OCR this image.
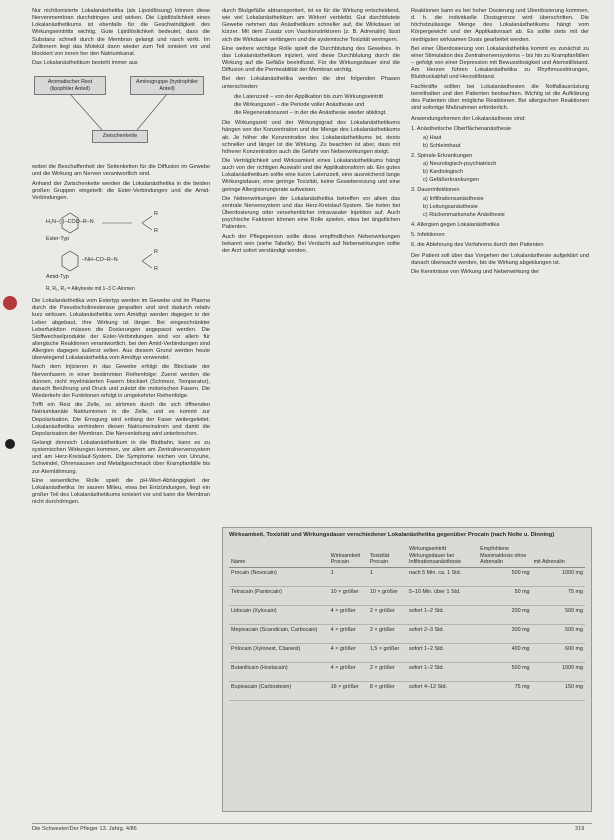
Nur nichtionisierte Lokalanästhetika (als Lipoidlösung) können diese Nervenmembran durchdringen und wirken. Die Lipidlöslichkeit eines Lokalanästhetikums ist ebenfalls für die Geschwindigkeit des Wirkungseintritts wichtig. Gute Lipidlöslichkeit bedeutet, dass die Substanz schnell durch die Membran gelangt und rasch wirkt. Im Zellinnern liegt das Molekül dann wieder zum Teil ionisiert vor und blockiert von innen her den Natriumkanal.

Das Lokalanästhetikum besteht immer aus

Aromatischer Rest (lipophiler Anteil)
Aminogruppe (hydrophiler Anteil)
Zwischenkette

wobei die Beschaffenheit der Seitenketten für die Diffusion im Gewebe und die Wirkung am Nerven verantwortlich sind.

Anhand der Zwischenkette werden die Lokalanästhetika in die beiden großen Gruppen eingeteilt: die Ester-Verbindungen und die Amid-Verbindungen.

H₂N–⟨ ⟩–COO–R–N
R
R
Ester-Typ
–NH–CO–R–N
R
R
Amid-Typ
R, R₁, R₂ = Alkylreste mit 1–3 C-Atomen

Die Lokalanästhetika vom Estertyp werden im Gewebe und im Plasma durch die Pseudocholinesterase gespalten und sind dadurch relativ kurz wirksam. Lokalanästhetika vom Amidtyp werden dagegen in der Leber abgebaut, ihre Wirkung ist länger. Bei eingeschränkter Leberfunktion müssen die Dosierungen angepasst werden. Die Stoffwechselprodukte der Ester-Verbindungen sind vor allem für allergische Reaktionen verantwortlich, bei den Amid-Verbindungen sind Allergien dagegen äußerst selten. Aus diesem Grund werden heute überwiegend Lokalanästhetika vom Amidtyp verwendet.

Nach dem Injizieren in das Gewebe erfolgt die Blockade der Nervenfasern in einer bestimmten Reihenfolge: Zuerst werden die dünnen, nicht myelinisierten Fasern blockiert (Schmerz, Temperatur), danach Berührung und Druck und zuletzt die motorischen Fasern. Die Wiederkehr der Funktionen erfolgt in umgekehrter Reihenfolge.

Trifft ein Reiz die Zelle, so strömen durch die sich öffnenden Natriumkanäle Natriumionen in die Zelle, und es kommt zur Depolarisation. Die Erregung wird entlang der Faser weitergeleitet. Lokalanästhetika verhindern diesen Natriumeinstrom und damit die Depolarisation der Membran. Die Nervenleitung wird unterbrochen.

Gelangt dennoch Lokalanästhetikum in die Blutbahn, kann es zu systemischen Wirkungen kommen, vor allem am Zentralnervensystem und am Herz-Kreislauf-System. Die Symptome reichen von Unruhe, Schwindel, Ohrensausen und Metallgeschmack über Krampfanfälle bis zur Atemlähmung.

Eine wesentliche Rolle spielt die pH-Wert-Abhängigkeit der Lokalanästhetika: Im sauren Milieu, etwa bei Entzündungen, liegt ein großer Teil des Lokalanästhetikums ionisiert vor und kann die Membran nicht durchdringen.

durch Blutgefäße abtransportiert, ist es für die Wirkung entscheidend, wie viel Lokalanästhetikum am Wirkort verbleibt. Gut durchblutete Gewebe nehmen das Anästhetikum schneller auf, die Wirkdauer ist kürzer. Mit dem Zusatz von Vasokonstriktoren (z. B. Adrenalin) lässt sich die Wirkdauer verlängern und die systemische Toxizität verringern.

Eine weitere wichtige Rolle spielt die Durchblutung des Gewebes. In das Lokalanästhetikum injiziert, wird diese Durchblutung durch die Wirkung auf die Gefäße beeinflusst. Für die Wirkungsdauer sind die Diffusion und die Permeabilität der Membran wichtig.

Bei den Lokalanästhetika werden die drei folgenden Phasen unterschieden:

die Latenzzeit – von der Applikation bis zum Wirkungseintritt
die Wirkungszeit – die Periode voller Anästhesie und
die Regenerationszeit – in der die Anästhesie wieder abklingt.

Die Wirkungszeit und der Wirkungsgrad des Lokalanästhetikums hängen von der Konzentration und der Menge des Lokalanästhetikums ab. Je höher die Konzentration des Lokalanästhetikums ist, desto schneller und länger ist die Wirkung. Zu beachten ist aber, dass mit höherer Konzentration auch die Gefahr von Nebenwirkungen steigt.

Die Verträglichkeit und Wirksamkeit eines Lokalanästhetikums hängt auch von der richtigen Auswahl und der Applikationsform ab. Ein gutes Lokalanästhetikum sollte eine kurze Latenzzeit, eine ausreichend lange Wirkungsdauer, eine geringe Toxizität, keine Gewebereizung und eine geringe Allergisierungsrate aufweisen.

Die Nebenwirkungen der Lokalanästhetika betreffen vor allem das zentrale Nervensystem und das Herz-Kreislauf-System. Sie treten bei Überdosierung oder versehentlicher intravasaler Injektion auf. Auch psychische Faktoren können eine Rolle spielen, etwa bei ängstlichen Patienten.

Auch der Pflegeperson sollte diese empfindlichen Nebenwirkungen bekannt sein (siehe Tabelle). Bei Verdacht auf Nebenwirkungen sollte der Arzt sofort verständigt werden.

Reaktionen kann es bei hoher Dosierung und Überdosierung kommen, d. h. die individuelle Dosisgrenze wird überschritten. Die höchstzulässige Menge des Lokalanästhetikums hängt vom Körpergewicht und der Applikationsart ab. Es sollte stets mit der niedrigsten wirksamen Dosis gearbeitet werden.

Bei einer Überdosierung von Lokalanästhetika kommt es zunächst zu einer Stimulation des Zentralnervensystems – bis hin zu Krampfanfällen – gefolgt von einer Depression mit Bewusstlosigkeit und Atemstillstand. Am Herzen führen Lokalanästhetika zu Rhythmusstörungen, Blutdruckabfall und Herzstillstand.

Fachkräfte sollten bei Lokalanästhesien die Notfallausrüstung bereithalten und den Patienten beobachten. Wichtig ist die Aufklärung des Patienten über mögliche Reaktionen. Bei allergischen Reaktionen sind sofortige Maßnahmen erforderlich.

Anwendungsformen der Lokalanästhesie sind:

1. Anästhetische Oberflächenanästhesie
a) Haut
b) Schleimhaut
2. Spinale Erkrankungen
a) Neurologisch-psychiatrisch
b) Kardiologisch
c) Gefäßerkrankungen
3. Dauerinfektionen
a) Infiltrationsanästhesie
b) Leitungsanästhesie
c) Rückenmarksnahe Anästhesie
4. Allergien gegen Lokalanästhetika
5. Infektionen
6. die Ablehnung des Verfahrens durch den Patienten

Der Patient soll über das Vorgehen der Lokalanästhesie aufgeklärt und danach überwacht werden, bis die Wirkung abgeklungen ist.

Die Kenntnisse von Wirkung und Nebenwirkung der

Wirksamkeit, Toxizität und Wirkungsdauer verschiedener Lokalanästhetika gegenüber Procain (nach Nolte u. Dinning)
Name	Wirksamkeit Procain	Toxizität Procain	Wirkungseintritt Wirkungsdauer bei Infiltrationsanästhesie	Empfohlene Maximaldosis ohne Adrenalin	mit Adrenalin
Procain (Novocain)	1	1	nach 5 Min. ca. 1 Std.	500 mg	1000 mg
Tetracain (Pantocain)	10 × größer	10 × größer	5–10 Min. über 1 Std.	50 mg	75 mg
Lidocain (Xylocain)	4 × größer	2 × größer	sofort 1–2 Std.	200 mg	500 mg
Mepivacain (Scandicain, Carbocain)	4 × größer	2 × größer	sofort 2–3 Std.	300 mg	500 mg
Prilocain (Xylonest, Citanest)	4 × größer	1,5 × größer	sofort 1–2 Std.	400 mg	600 mg
Butanilicain (Hostacain)	4 × größer	2 × größer	sofort 1–2 Std.	500 mg	1000 mg
Bupivacain (Carbostesin)	16 × größer	8 × größer	sofort 4–12 Std.	75 mg	150 mg
Die Schwester/Der Pfleger 13. Jahrg. 4/86	319
